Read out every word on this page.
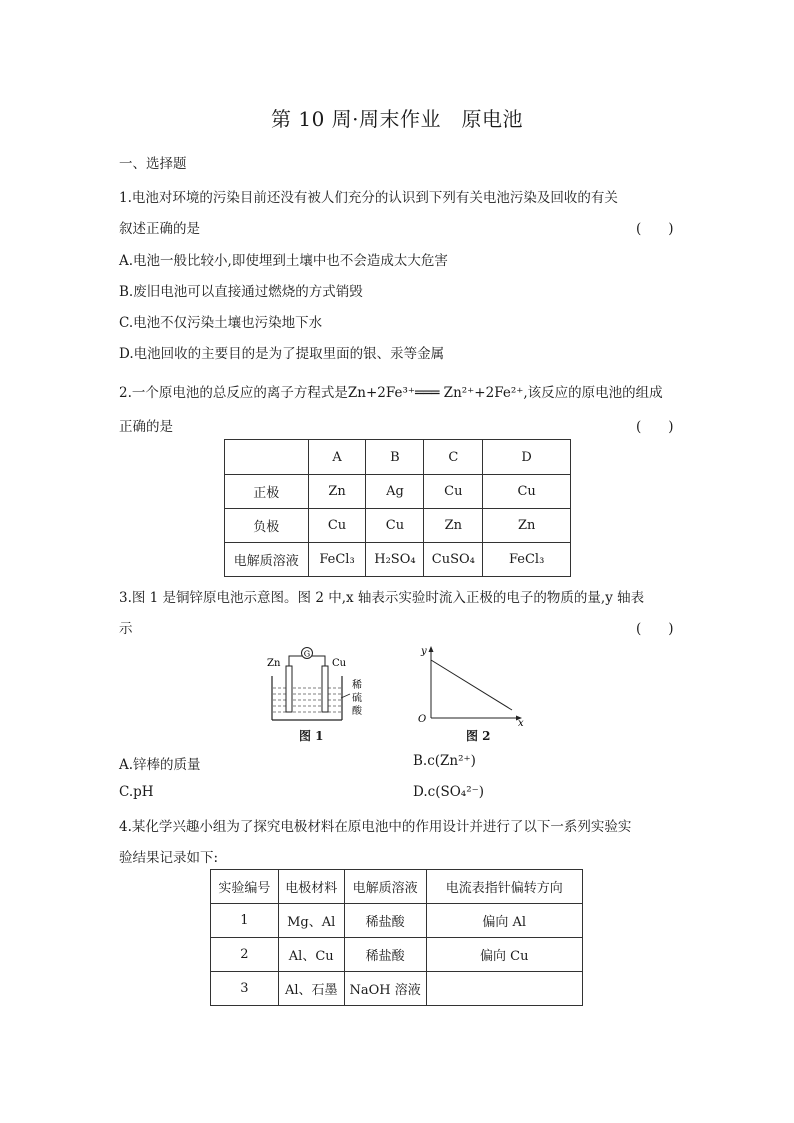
第 10 周·周末作业　原电池
一、选择题
1.电池对环境的污染目前还没有被人们充分的认识到下列有关电池污染及回收的有关
叙述正确的是	(　　)
A.电池一般比较小,即使埋到土壤中也不会造成太大危害
B.废旧电池可以直接通过燃烧的方式销毁
C.电池不仅污染土壤也污染地下水
D.电池回收的主要目的是为了提取里面的银、汞等金属
2.一个原电池的总反应的离子方程式是Zn+2Fe³⁺═══ Zn²⁺+2Fe²⁺,该反应的原电池的组成
正确的是	(　　)
	A	B	C	D
正极	Zn	Ag	Cu	Cu
负极	Cu	Cu	Zn	Zn
电解质溶液	FeCl₃	H₂SO₄	CuSO₄	FeCl₃
3.图 1 是铜锌原电池示意图。图 2 中,x 轴表示实验时流入正极的电子的物质的量,y 轴表
示	(　　)
G
Zn	Cu
稀
硫
酸
图 1
y
O	x
图 2
A.锌棒的质量	B.c(Zn²⁺)
C.pH	D.c(SO₄²⁻)
4.某化学兴趣小组为了探究电极材料在原电池中的作用设计并进行了以下一系列实验实
验结果记录如下:
实验编号	电极材料	电解质溶液	电流表指针偏转方向
1	Mg、Al	稀盐酸	偏向 Al
2	Al、Cu	稀盐酸	偏向 Cu
3	Al、石墨	NaOH 溶液	
